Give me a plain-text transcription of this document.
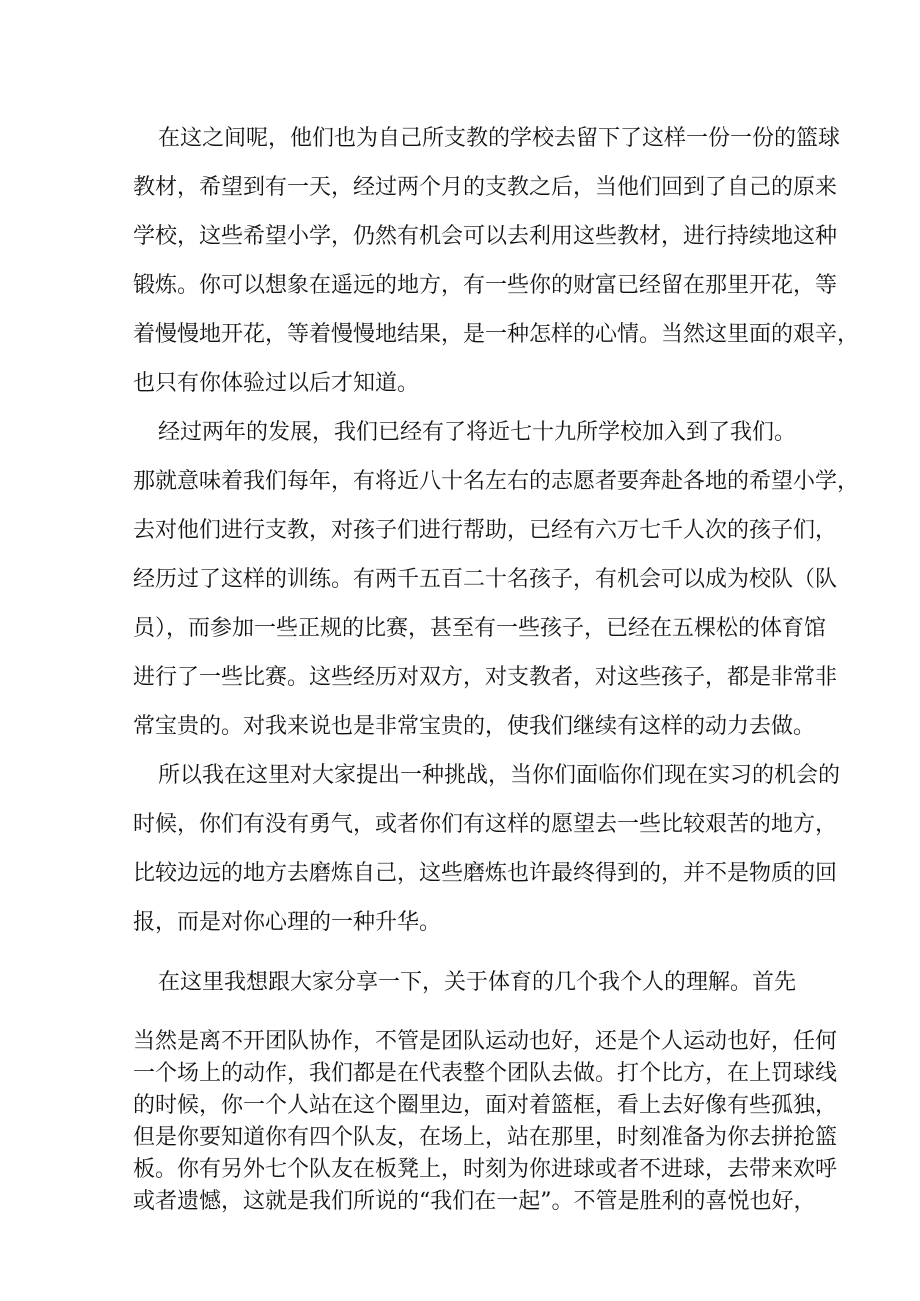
在这之间呢，他们也为自己所支教的学校去留下了这样一份一份的篮球
教材，希望到有一天，经过两个月的支教之后，当他们回到了自己的原来
学校，这些希望小学，仍然有机会可以去利用这些教材，进行持续地这种
锻炼。你可以想象在遥远的地方，有一些你的财富已经留在那里开花，等
着慢慢地开花，等着慢慢地结果，是一种怎样的心情。当然这里面的艰辛，
也只有你体验过以后才知道。
经过两年的发展，我们已经有了将近七十九所学校加入到了我们。
那就意味着我们每年，有将近八十名左右的志愿者要奔赴各地的希望小学，
去对他们进行支教，对孩子们进行帮助，已经有六万七千人次的孩子们，
经历过了这样的训练。有两千五百二十名孩子，有机会可以成为校队（队
员），而参加一些正规的比赛，甚至有一些孩子，已经在五棵松的体育馆
进行了一些比赛。这些经历对双方，对支教者，对这些孩子，都是非常非
常宝贵的。对我来说也是非常宝贵的，使我们继续有这样的动力去做。
所以我在这里对大家提出一种挑战，当你们面临你们现在实习的机会的
时候，你们有没有勇气，或者你们有这样的愿望去一些比较艰苦的地方，
比较边远的地方去磨炼自己，这些磨炼也许最终得到的，并不是物质的回
报，而是对你心理的一种升华。
在这里我想跟大家分享一下，关于体育的几个我个人的理解。首先
当然是离不开团队协作，不管是团队运动也好，还是个人运动也好，任何
一个场上的动作，我们都是在代表整个团队去做。打个比方，在上罚球线
的时候，你一个人站在这个圈里边，面对着篮框，看上去好像有些孤独，
但是你要知道你有四个队友，在场上，站在那里，时刻准备为你去拼抢篮
板。你有另外七个队友在板凳上，时刻为你进球或者不进球，去带来欢呼
或者遗憾，这就是我们所说的“我们在一起”。不管是胜利的喜悦也好，
